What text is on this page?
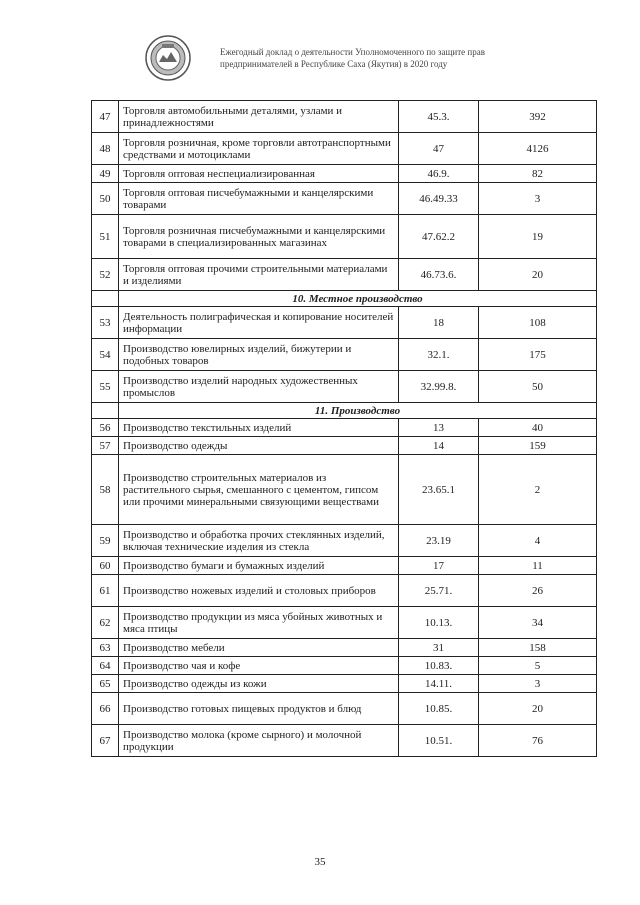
Ежегодный доклад о деятельности Уполномоченного по защите прав
предпринимателей в Республике Саха (Якутия) в 2020 году
47	Торговля автомобильными деталями, узлами и принадлежностями	45.3.	392
48	Торговля розничная, кроме торговли автотранспортными средствами и мотоциклами	47	4126
49	Торговля оптовая неспециализированная	46.9.	82
50	Торговля оптовая писчебумажными и канцелярскими товарами	46.49.33	3
51	Торговля розничная писчебумажными и канцелярскими товарами в специализированных магазинах	47.62.2	19
52	Торговля оптовая прочими строительными материалами и изделиями	46.73.6.	20
	10. Местное производство		
53	Деятельность полиграфическая и копирование носителей информации	18	108
54	Производство ювелирных изделий, бижутерии и подобных товаров	32.1.	175
55	Производство изделий народных художественных промыслов	32.99.8.	50
	11. Производство		
56	Производство текстильных изделий	13	40
57	Производство одежды	14	159
58	Производство строительных материалов из растительного сырья, смешанного с цементом, гипсом или прочими минеральными связующими веществами	23.65.1	2
59	Производство и обработка прочих стеклянных изделий, включая технические изделия из стекла	23.19	4
60	Производство бумаги и бумажных изделий	17	11
61	Производство ножевых изделий и столовых приборов	25.71.	26
62	Производство продукции из мяса убойных животных и мяса птицы	10.13.	34
63	Производство мебели	31	158
64	Производство чая и кофе	10.83.	5
65	Производство одежды из кожи	14.11.	3
66	Производство готовых пищевых продуктов и блюд	10.85.	20
67	Производство молока (кроме сырного) и молочной продукции	10.51.	76
35
